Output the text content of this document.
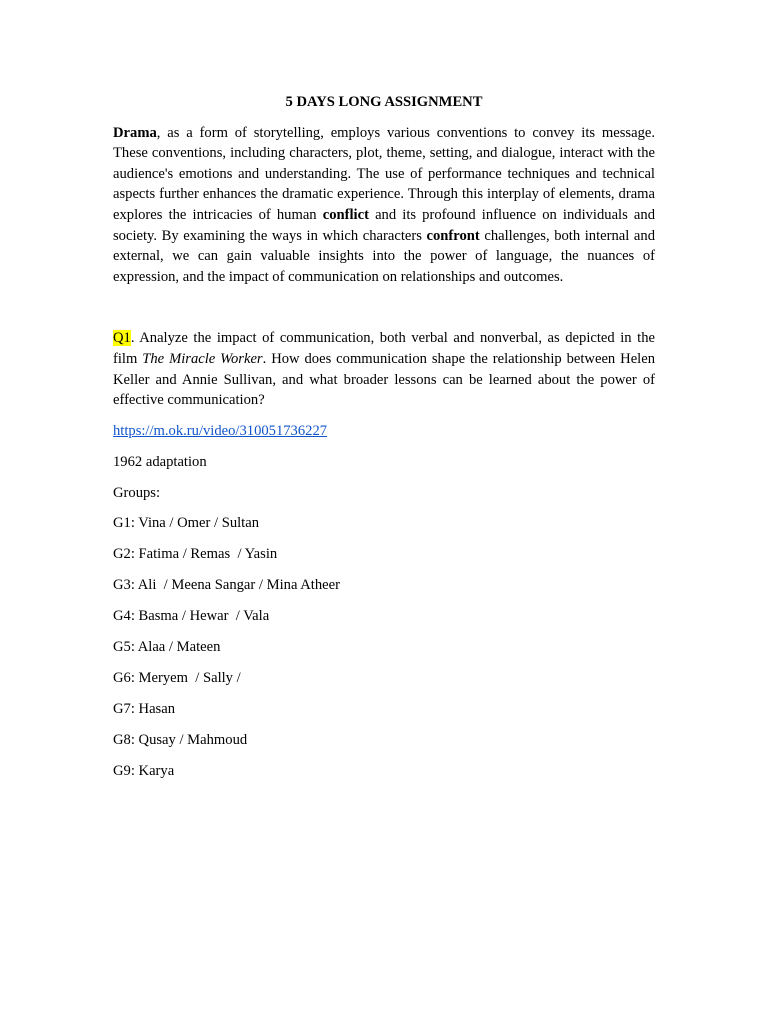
5 DAYS LONG ASSIGNMENT

Drama, as a form of storytelling, employs various conventions to convey its message. These conventions, including characters, plot, theme, setting, and dialogue, interact with the audience's emotions and understanding. The use of performance techniques and technical aspects further enhances the dramatic experience. Through this interplay of elements, drama explores the intricacies of human conflict and its profound influence on individuals and society. By examining the ways in which characters confront challenges, both internal and external, we can gain valuable insights into the power of language, the nuances of expression, and the impact of communication on relationships and outcomes.

Q1. Analyze the impact of communication, both verbal and nonverbal, as depicted in the film The Miracle Worker. How does communication shape the relationship between Helen Keller and Annie Sullivan, and what broader lessons can be learned about the power of effective communication?

https://m.ok.ru/video/310051736227

1962 adaptation

Groups:

G1: Vina / Omer / Sultan

G2: Fatima / Remas  / Yasin

G3: Ali  / Meena Sangar / Mina Atheer

G4: Basma / Hewar  / Vala

G5: Alaa / Mateen

G6: Meryem  / Sally /

G7: Hasan

G8: Qusay / Mahmoud

G9: Karya
